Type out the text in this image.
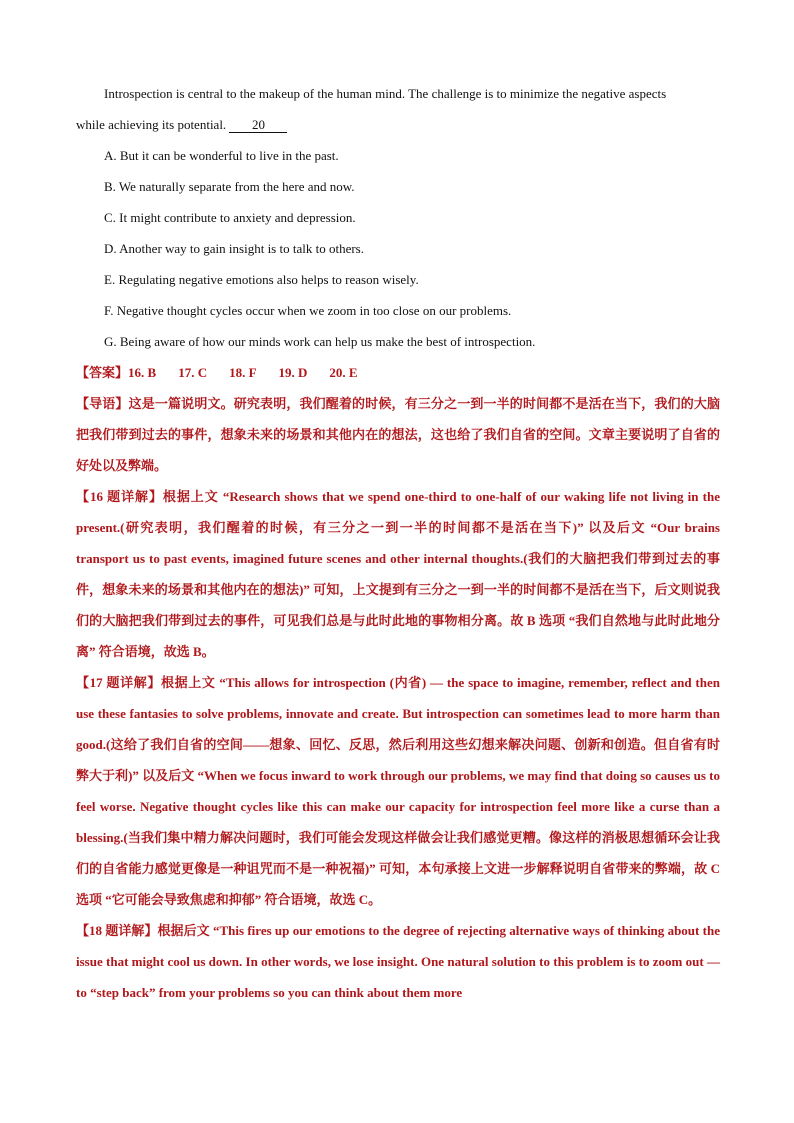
Introspection is central to the makeup of the human mind. The challenge is to minimize the negative aspects
while achieving its potential. 20
A. But it can be wonderful to live in the past.
B. We naturally separate from the here and now.
C. It might contribute to anxiety and depression.
D. Another way to gain insight is to talk to others.
E. Regulating negative emotions also helps to reason wisely.
F. Negative thought cycles occur when we zoom in too close on our problems.
G. Being aware of how our minds work can help us make the best of introspection.
【答案】16. B 17. C 18. F 19. D 20. E
【导语】这是一篇说明文。研究表明，我们醒着的时候，有三分之一到一半的时间都不是活在当下，我们的大脑把我们带到过去的事件，想象未来的场景和其他内在的想法，这也给了我们自省的空间。文章主要说明了自省的好处以及弊端。
【16 题详解】根据上文 “Research shows that we spend one-third to one-half of our waking life not living in the present.(研究表明，我们醒着的时候，有三分之一到一半的时间都不是活在当下)” 以及后文 “Our brains transport us to past events, imagined future scenes and other internal thoughts.(我们的大脑把我们带到过去的事件，想象未来的场景和其他内在的想法)” 可知，上文提到有三分之一到一半的时间都不是活在当下，后文则说我们的大脑把我们带到过去的事件，可见我们总是与此时此地的事物相分离。故 B 选项 “我们自然地与此时此地分离” 符合语境，故选 B。
【17 题详解】根据上文 “This allows for introspection (内省) — the space to imagine, remember, reflect and then use these fantasies to solve problems, innovate and create. But introspection can sometimes lead to more harm than good.(这给了我们自省的空间——想象、回忆、反思，然后利用这些幻想来解决问题、创新和创造。但自省有时弊大于利)” 以及后文 “When we focus inward to work through our problems, we may find that doing so causes us to feel worse. Negative thought cycles like this can make our capacity for introspection feel more like a curse than a blessing.(当我们集中精力解决问题时，我们可能会发现这样做会让我们感觉更糟。像这样的消极思想循环会让我们的自省能力感觉更像是一种诅咒而不是一种祝福)” 可知，本句承接上文进一步解释说明自省带来的弊端，故 C 选项 “它可能会导致焦虑和抑郁” 符合语境，故选 C。
【18 题详解】根据后文 “This fires up our emotions to the degree of rejecting alternative ways of thinking about the issue that might cool us down. In other words, we lose insight. One natural solution to this problem is to zoom out — to “step back” from your problems so you can think about them more
